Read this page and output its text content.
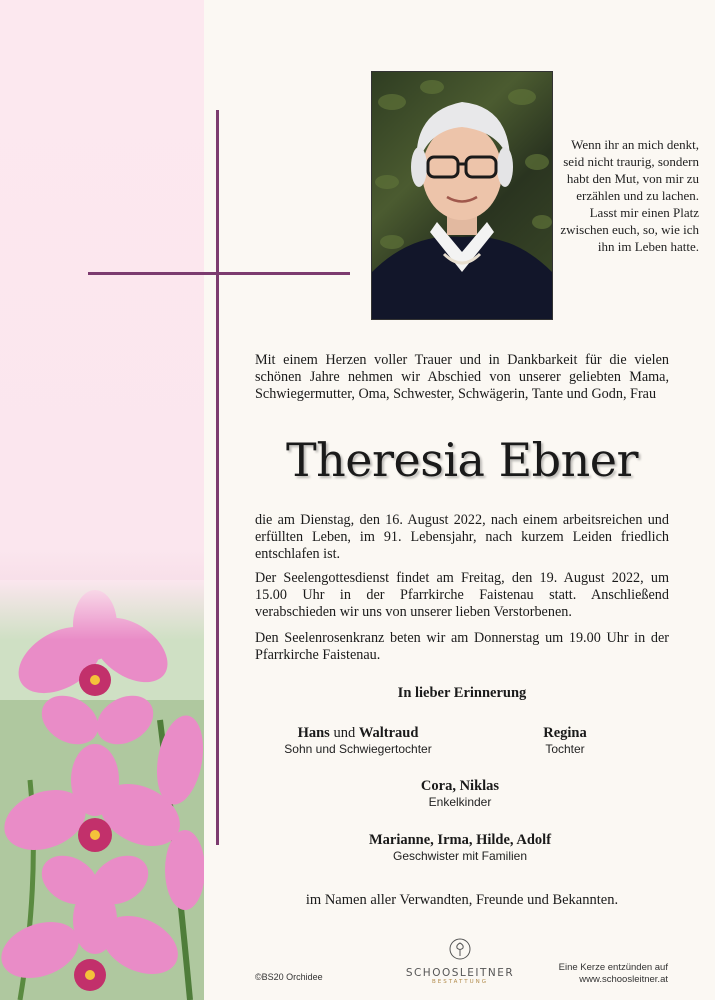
Wenn ihr an mich denkt,
seid nicht traurig, sondern
habt den Mut, von mir zu
erzählen und zu lachen.
Lasst mir einen Platz
zwischen euch, so, wie ich
ihn im Leben hatte.

Mit einem Herzen voller Trauer und in Dankbarkeit für die vielen schönen Jahre nehmen wir Abschied von unserer geliebten Mama, Schwiegermutter, Oma, Schwester, Schwägerin, Tante und Godn, Frau

Theresia Ebner

die am Dienstag, den 16. August 2022, nach einem arbeitsreichen und erfüllten Leben, im 91. Lebensjahr, nach kurzem Leiden friedlich entschlafen ist.

Der Seelengottesdienst findet am Freitag, den 19. August 2022, um 15.00 Uhr in der Pfarrkirche Faistenau statt. Anschließend verabschieden wir uns von unserer lieben Verstorbenen.

Den Seelenrosenkranz beten wir am Donnerstag um 19.00 Uhr in der Pfarrkirche Faistenau.

In lieber Erinnerung
Hans und Waltraud
Sohn und Schwiegertochter
Regina
Tochter
Cora, Niklas
Enkelkinder
Marianne, Irma, Hilde, Adolf
Geschwister mit Familien
im Namen aller Verwandten, Freunde und Bekannten.
©BS20 Orchidee	SCHOOSLEITNER
BESTATTUNG
Eine Kerze entzünden auf
www.schoosleitner.at
